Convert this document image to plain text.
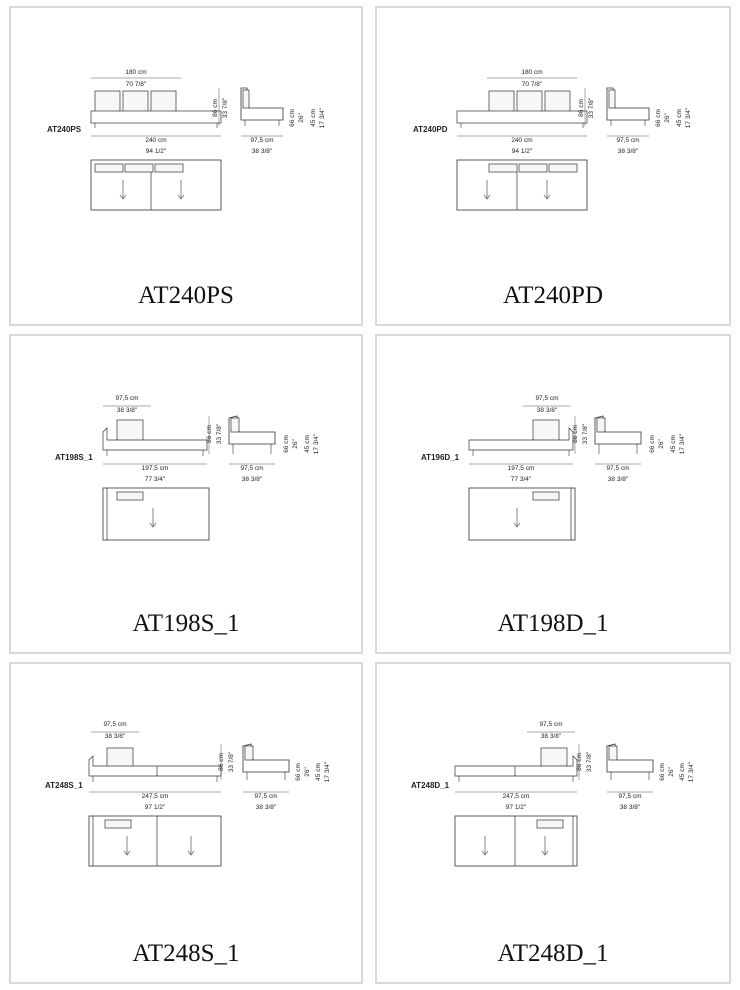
AT240PS
180 cm
70 7/8"
86 cm 33 7/8"
240 cm
94 1/2"
97,5 cm
38 3/8"
66 cm 26" 45 cm 17 3/4"
AT240PS
AT240PD
180 cm
70 7/8"
86 cm 33 7/8"
240 cm
94 1/2"
97,5 cm
38 3/8"
66 cm 26" 45 cm 17 3/4"
AT240PD
AT198S_1
97,5 cm
38 3/8"
86 cm 33 7/8"
197,5 cm
77 3/4"
97,5 cm
38 3/8"
66 cm 26" 45 cm 17 3/4"
AT198S_1
AT196D_1
97,5 cm
38 3/8"
86 cm 33 7/8"
197,5 cm
77 3/4"
97,5 cm
38 3/8"
66 cm 26" 45 cm 17 3/4"
AT198D_1
AT248S_1
97,5 cm
38 3/8"
86 cm 33 7/8"
247,5 cm
97 1/2"
97,5 cm
38 3/8"
66 cm 26" 45 cm 17 3/4"
AT248S_1
AT248D_1
97,5 cm
38 3/8"
86 cm 33 7/8"
247,5 cm
97 1/2"
97,5 cm
38 3/8"
66 cm 26" 45 cm 17 3/4"
AT248D_1
